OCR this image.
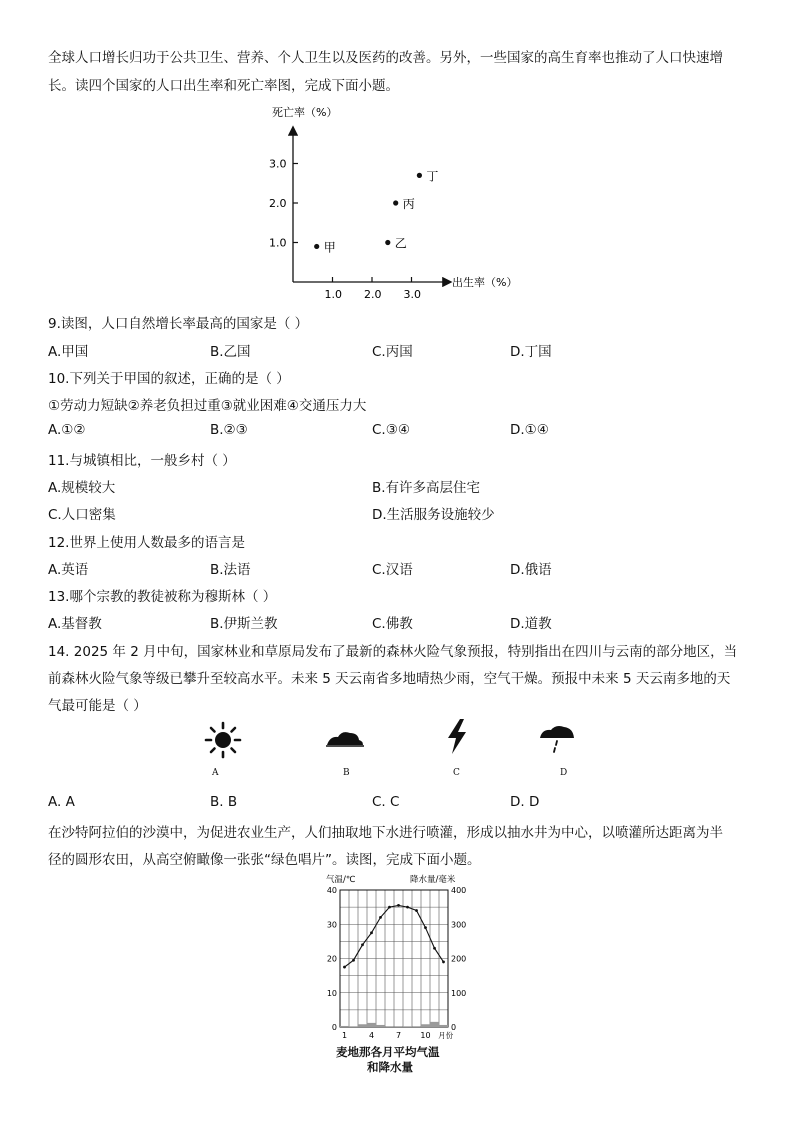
全球人口增长归功于公共卫生、营养、个人卫生以及医药的改善。另外，一些国家的高生育率也推动了人口快速增
长。读四个国家的人口出生率和死亡率图，完成下面小题。
死亡率（%）
出生率（%）
1.0 2.0 3.0
1.0
2.0
3.0
甲	乙
丙
丁
9.读图，人口自然增长率最高的国家是（ ）
A.甲国	B.乙国	C.丙国	D.丁国
10.下列关于甲国的叙述，正确的是（ ）
①劳动力短缺②养老负担过重③就业困难④交通压力大
A.①②	B.②③	C.③④	D.①④
11.与城镇相比，一般乡村（ ）
A.规模较大	B.有许多高层住宅
C.人口密集	D.生活服务设施较少
12.世界上使用人数最多的语言是
A.英语	B.法语	C.汉语	D.俄语
13.哪个宗教的教徒被称为穆斯林（ ）
A.基督教	B.伊斯兰教	C.佛教	D.道教
14. 2025 年 2 月中旬，国家林业和草原局发布了最新的森林火险气象预报，特别指出在四川与云南的部分地区，当
前森林火险气象等级已攀升至较高水平。未来 5 天云南省多地晴热少雨，空气干燥。预报中未来 5 天云南多地的天
气最可能是（ ）
A	B	C	D
A. A	B. B	C. C	D. D
在沙特阿拉伯的沙漠中，为促进农业生产，人们抽取地下水进行喷灌，形成以抽水井为中心，以喷灌所达距离为半
径的圆形农田，从高空俯瞰像一张张“绿色唱片”。读图，完成下面小题。
气温/℃	降水量/毫米
0
10
20
30
40
0
100
200
300
400
1	4	7 10 月份
麦地那各月平均气温
和降水量
